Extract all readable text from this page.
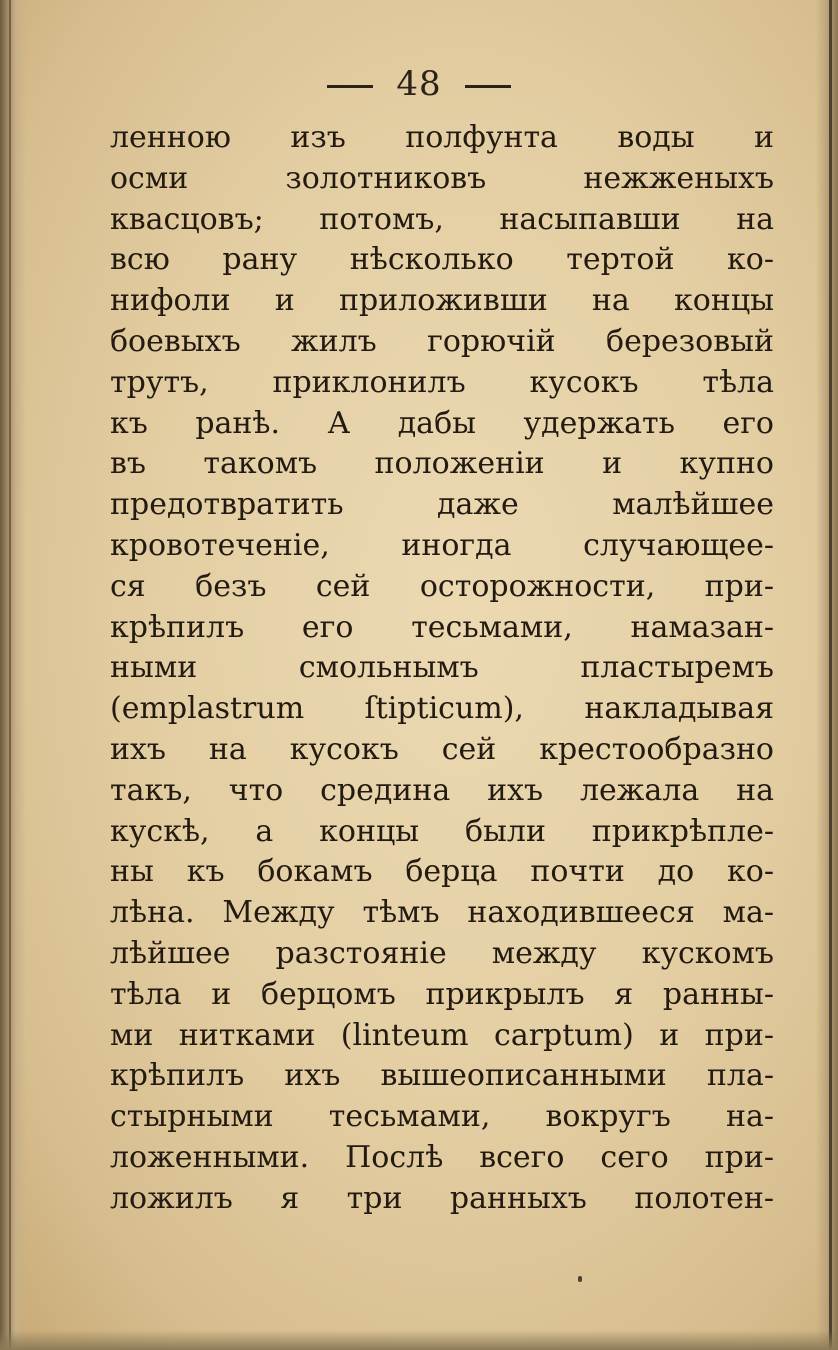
48
ленною изъ полфунта воды и
осми золотниковъ нежженыхъ
квасцовъ; потомъ, насыпавши на
всю рану нѣсколько тертой ко-
нифоли и приложивши на концы
боевыхъ жилъ горючій березовый
трутъ, приклонилъ кусокъ тѣла
къ ранѣ. А дабы удержать его
въ такомъ положеніи и купно
предотвратить даже малѣйшее
кровотеченіе, иногда случающее-
ся безъ сей осторожности, при-
крѣпилъ его тесьмами, намазан-
ными смольнымъ пластыремъ
(emplastrum ſtipticum), накладывая
ихъ на кусокъ сей крестообразно
такъ, что средина ихъ лежала на
кускѣ, а концы были прикрѣпле-
ны къ бокамъ берца почти до ко-
лѣна. Между тѣмъ находившееся ма-
лѣйшее разстояніе между кускомъ
тѣла и берцомъ прикрылъ я ранны-
ми нитками (linteum carptum) и при-
крѣпилъ ихъ вышеописанными пла-
стырными тесьмами, вокругъ на-
ложенными. Послѣ всего сего при-
ложилъ я три ранныхъ полотен-
